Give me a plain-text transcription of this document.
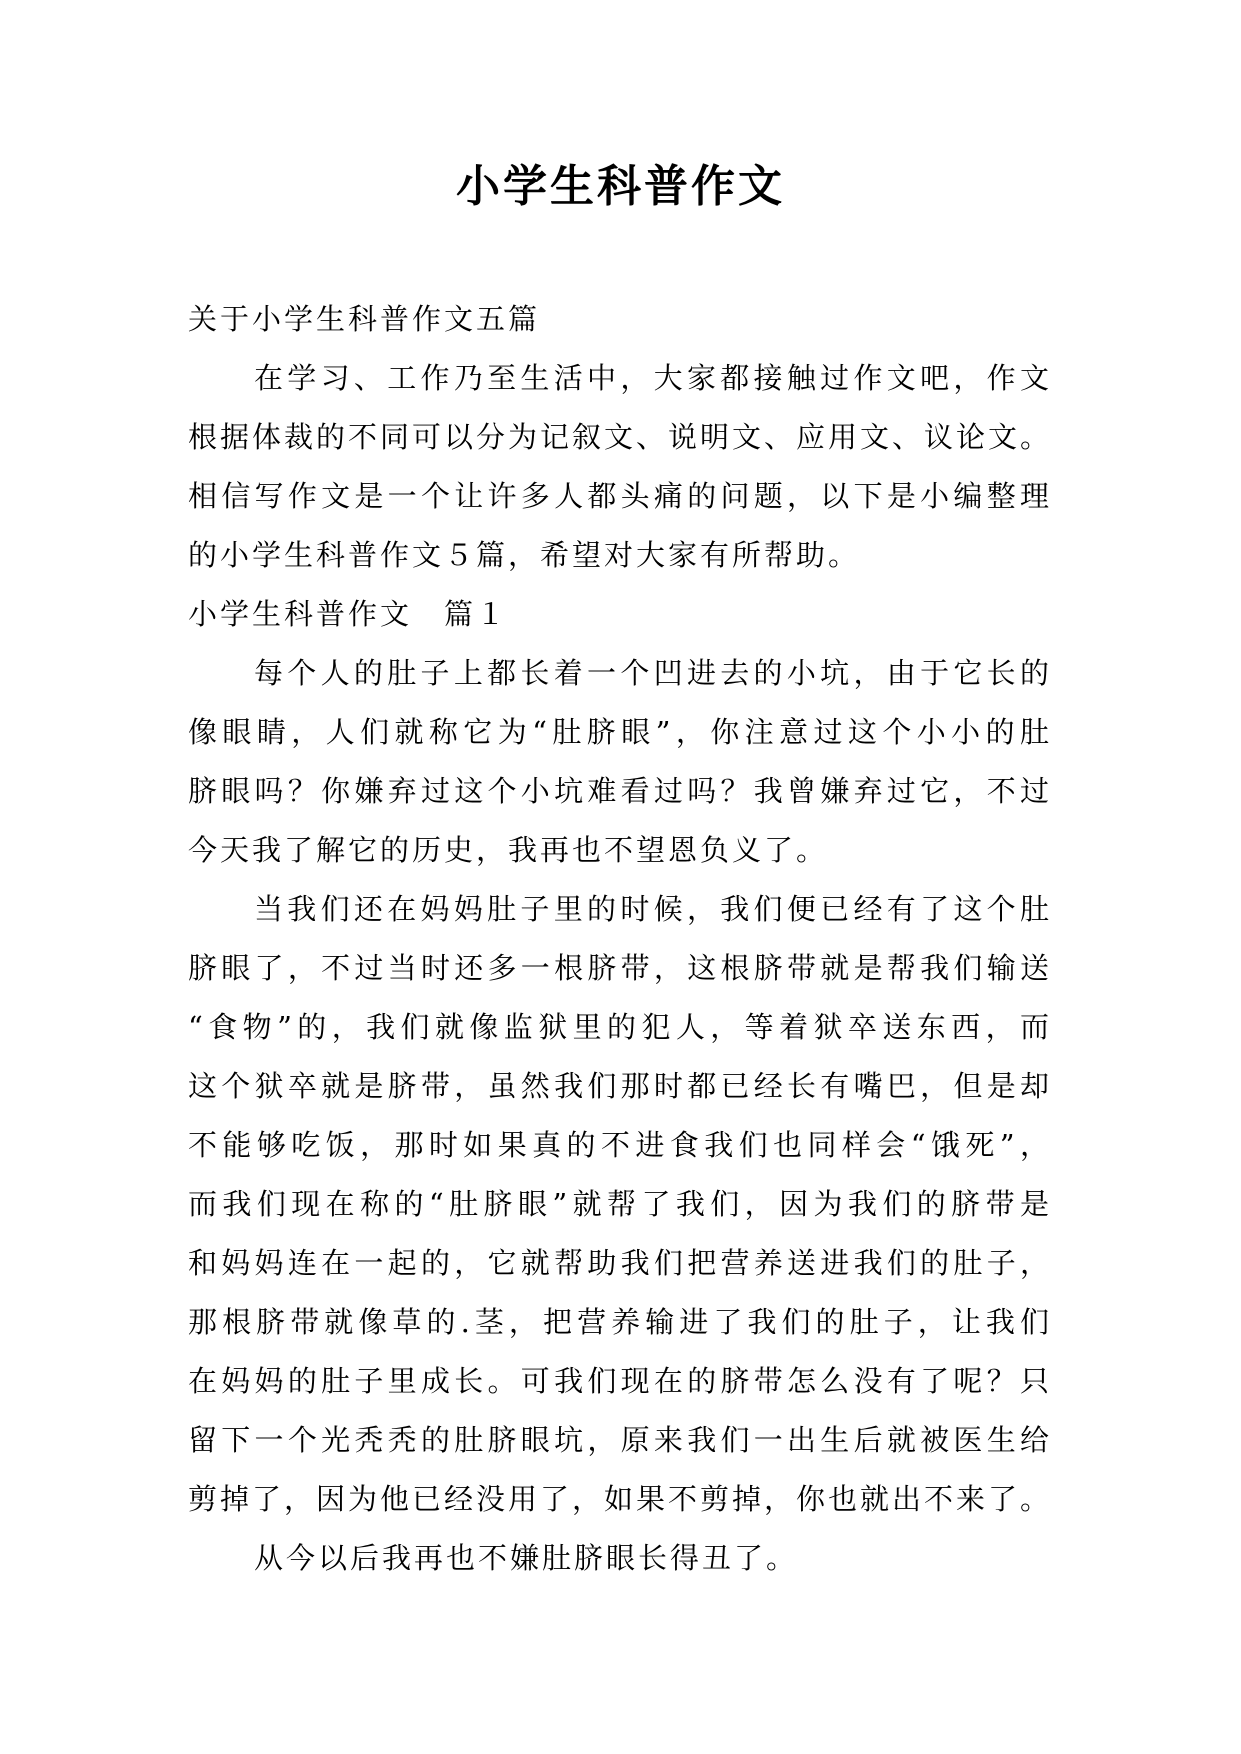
小学生科普作文

关于小学生科普作文五篇

在学习、工作乃至生活中，大家都接触过作文吧，作文

根据体裁的不同可以分为记叙文、说明文、应用文、议论文。

相信写作文是一个让许多人都头痛的问题，以下是小编整理

的小学生科普作文５篇，希望对大家有所帮助。

小学生科普作文　篇１

每个人的肚子上都长着一个凹进去的小坑，由于它长的

像眼睛，人们就称它为“肚脐眼”，你注意过这个小小的肚

脐眼吗？你嫌弃过这个小坑难看过吗？我曾嫌弃过它，不过

今天我了解它的历史，我再也不望恩负义了。

当我们还在妈妈肚子里的时候，我们便已经有了这个肚

脐眼了，不过当时还多一根脐带，这根脐带就是帮我们输送

“食物”的，我们就像监狱里的犯人，等着狱卒送东西，而

这个狱卒就是脐带，虽然我们那时都已经长有嘴巴，但是却

不能够吃饭，那时如果真的不进食我们也同样会“饿死”，

而我们现在称的“肚脐眼”就帮了我们，因为我们的脐带是

和妈妈连在一起的，它就帮助我们把营养送进我们的肚子，

那根脐带就像草的.茎，把营养输进了我们的肚子，让我们

在妈妈的肚子里成长。可我们现在的脐带怎么没有了呢？只

留下一个光秃秃的肚脐眼坑，原来我们一出生后就被医生给

剪掉了，因为他已经没用了，如果不剪掉，你也就出不来了。

从今以后我再也不嫌肚脐眼长得丑了。
